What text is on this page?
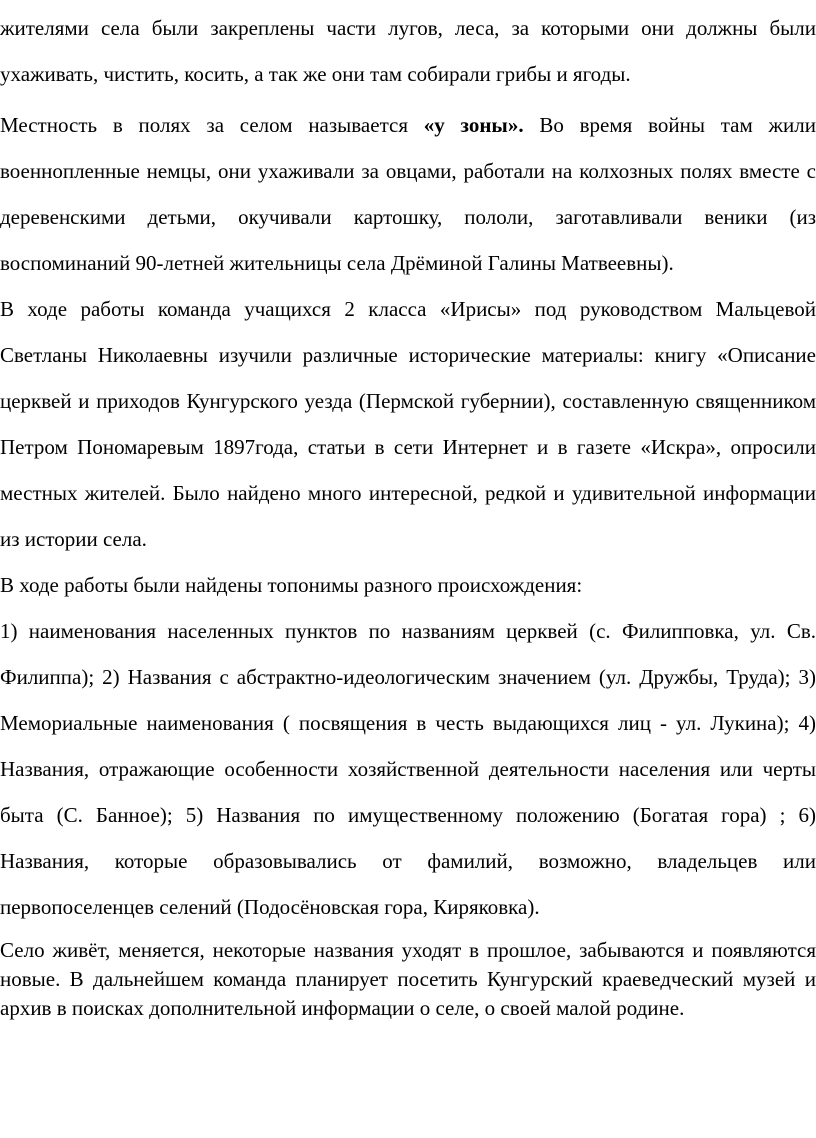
жителями села были закреплены части лугов, леса, за которыми они должны были ухаживать, чистить, косить, а так же они там собирали грибы и ягоды.

Местность в полях за селом называется «у зоны». Во время войны там жили военнопленные немцы, они ухаживали за овцами, работали на колхозных полях вместе с деревенскими детьми, окучивали картошку, пололи, заготавливали веники (из воспоминаний 90-летней жительницы села Дрёминой Галины Матвеевны).

В ходе работы команда учащихся 2 класса «Ирисы» под руководством Мальцевой Светланы Николаевны изучили различные исторические материалы: книгу «Описание церквей и приходов Кунгурского уезда (Пермской губернии), составленную священником Петром Пономаревым 1897года, статьи в сети Интернет и в газете «Искра», опросили местных жителей. Было найдено много интересной, редкой и удивительной информации из истории села.

В ходе работы были найдены топонимы разного происхождения:

1) наименования населенных пунктов по названиям церквей (с. Филипповка, ул. Св. Филиппа); 2) Названия с абстрактно-идеологическим значением (ул. Дружбы, Труда); 3) Мемориальные наименования ( посвящения в честь выдающихся лиц - ул. Лукина); 4) Названия, отражающие особенности хозяйственной деятельности населения или черты быта (С. Банное); 5) Названия по имущественному положению (Богатая гора) ; 6) Названия, которые образовывались от фамилий, возможно, владельцев или первопоселенцев селений (Подосёновская гора, Киряковка).

Село живёт, меняется, некоторые названия уходят в прошлое, забываются и появляются новые. В дальнейшем команда планирует посетить Кунгурский краеведческий музей и архив в поисках дополнительной информации о селе, о своей малой родине.
